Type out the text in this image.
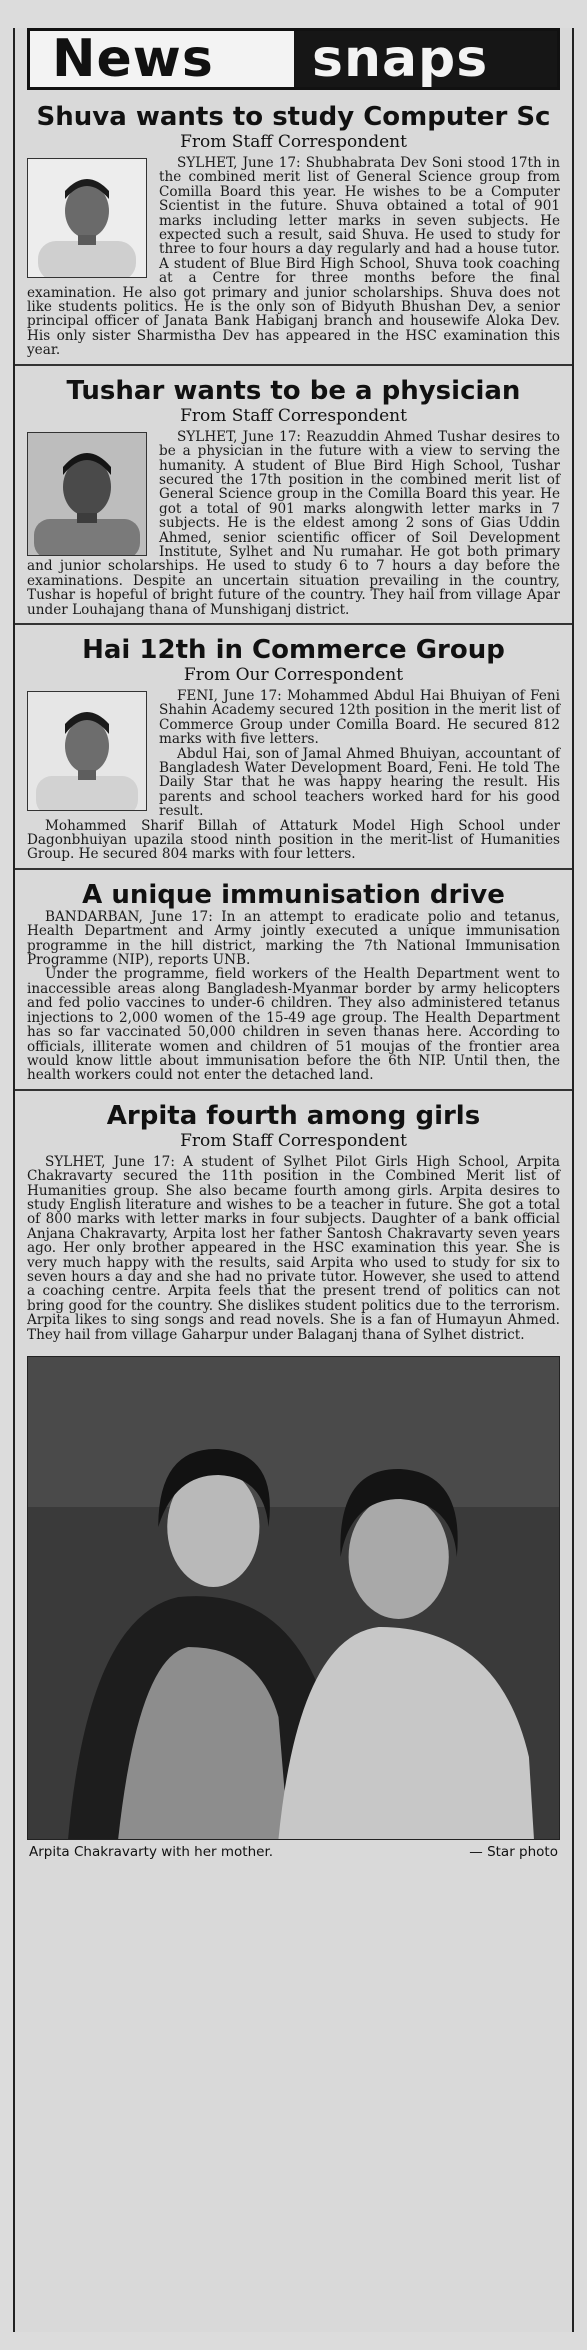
News	snaps
Shuva wants to study Computer Sc
From Staff Correspondent

SYLHET, June 17: Shubhabrata Dev Soni stood 17th in the combined merit list of General Science group from Comilla Board this year. He wishes to be a Computer Scientist in the future. Shuva obtained a total of 901 marks including letter marks in seven subjects. He expected such a result, said Shuva. He used to study for three to four hours a day regularly and had a house tutor. A student of Blue Bird High School, Shuva took coaching at a Centre for three months before the final examination. He also got primary and junior scholarships. Shuva does not like students politics. He is the only son of Bidyuth Bhushan Dev, a senior principal officer of Janata Bank Habiganj branch and housewife Aloka Dev. His only sister Sharmistha Dev has appeared in the HSC examination this year.

Tushar wants to be a physician
From Staff Correspondent

SYLHET, June 17: Reazuddin Ahmed Tushar desires to be a physician in the future with a view to serving the humanity. A student of Blue Bird High School, Tushar secured the 17th position in the combined merit list of General Science group in the Comilla Board this year. He got a total of 901 marks alongwith letter marks in 7 subjects. He is the eldest among 2 sons of Gias Uddin Ahmed, senior scientific officer of Soil Development Institute, Sylhet and Nu rumahar. He got both primary and junior scholarships. He used to study 6 to 7 hours a day before the examinations. Despite an uncertain situation prevailing in the country, Tushar is hopeful of bright future of the country. They hail from village Apar under Louhajang thana of Munshiganj district.

Hai 12th in Commerce Group
From Our Correspondent

FENI, June 17: Mohammed Abdul Hai Bhuiyan of Feni Shahin Academy secured 12th position in the merit list of Commerce Group under Comilla Board. He secured 812 marks with five letters.

Abdul Hai, son of Jamal Ahmed Bhuiyan, accountant of Bangladesh Water Development Board, Feni. He told The Daily Star that he was happy hearing the result. His parents and school teachers worked hard for his good result.

Mohammed Sharif Billah of Attaturk Model High School under Dagonbhuiyan upazila stood ninth position in the merit-list of Humanities Group. He secured 804 marks with four letters.

A unique immunisation drive

BANDARBAN, June 17: In an attempt to eradicate polio and tetanus, Health Department and Army jointly executed a unique immunisation programme in the hill district, marking the 7th National Immunisation Programme (NIP), reports UNB.

Under the programme, field workers of the Health Department went to inaccessible areas along Bangladesh-Myanmar border by army helicopters and fed polio vaccines to under-6 children. They also administered tetanus injections to 2,000 women of the 15-49 age group. The Health Department has so far vaccinated 50,000 children in seven thanas here. According to officials, illiterate women and children of 51 moujas of the frontier area would know little about immunisation before the 6th NIP. Until then, the health workers could not enter the detached land.

Arpita fourth among girls
From Staff Correspondent

SYLHET, June 17: A student of Sylhet Pilot Girls High School, Arpita Chakravarty secured the 11th position in the Combined Merit list of Humanities group. She also became fourth among girls. Arpita desires to study English literature and wishes to be a teacher in future. She got a total of 800 marks with letter marks in four subjects. Daughter of a bank official Anjana Chakravarty, Arpita lost her father Santosh Chakravarty seven years ago. Her only brother appeared in the HSC examination this year. She is very much happy with the results, said Arpita who used to study for six to seven hours a day and she had no private tutor. However, she used to attend a coaching centre. Arpita feels that the present trend of politics can not bring good for the country. She dislikes student politics due to the terrorism. Arpita likes to sing songs and read novels. She is a fan of Humayun Ahmed. They hail from village Gaharpur under Balaganj thana of Sylhet district.

Arpita Chakravarty with her mother.	— Star photo
